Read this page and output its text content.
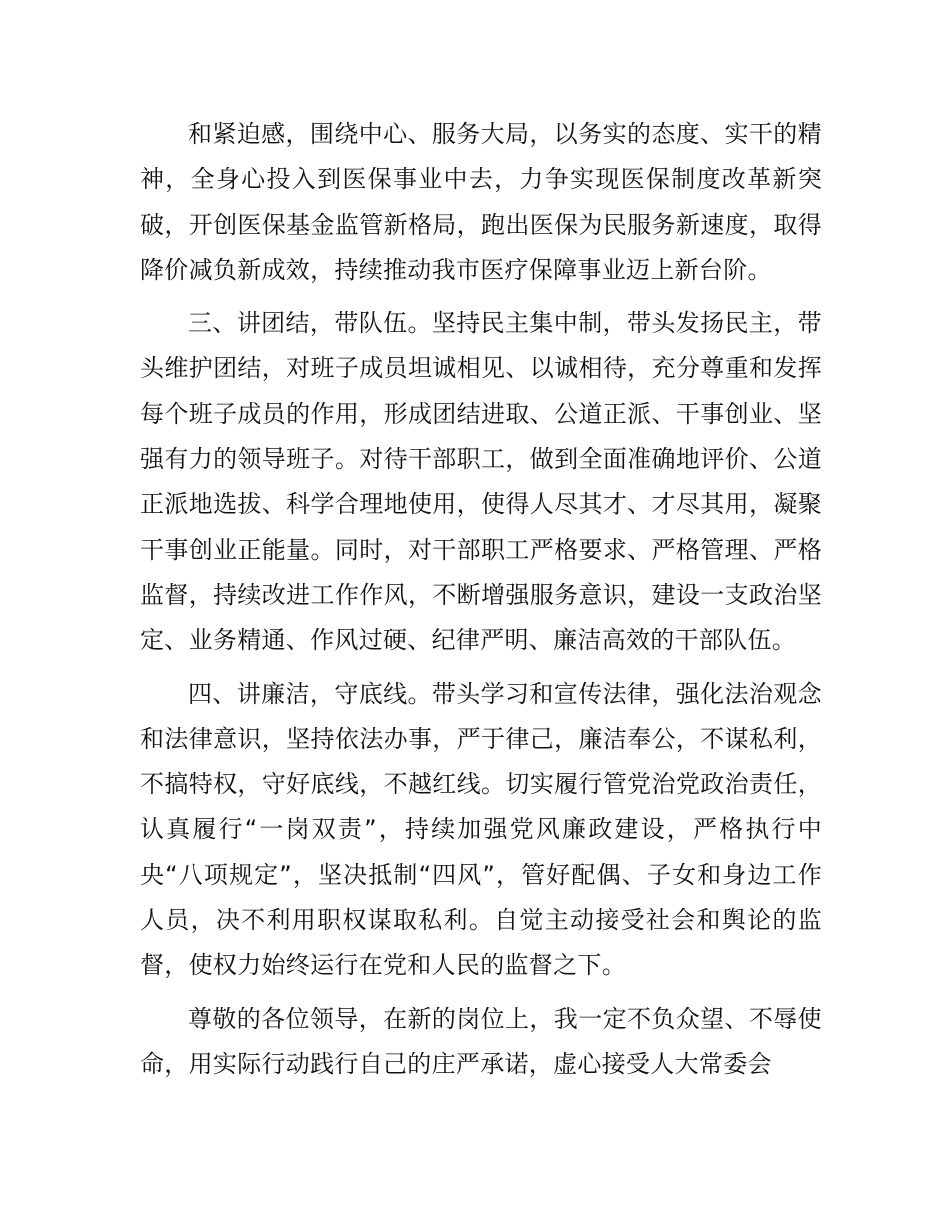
和紧迫感，围绕中心、服务大局，以务实的态度、实干的精神，全身心投入到医保事业中去，力争实现医保制度改革新突破，开创医保基金监管新格局，跑出医保为民服务新速度，取得降价减负新成效，持续推动我市医疗保障事业迈上新台阶。

三、讲团结，带队伍。坚持民主集中制，带头发扬民主，带头维护团结，对班子成员坦诚相见、以诚相待，充分尊重和发挥每个班子成员的作用，形成团结进取、公道正派、干事创业、坚强有力的领导班子。对待干部职工，做到全面准确地评价、公道正派地选拔、科学合理地使用，使得人尽其才、才尽其用，凝聚干事创业正能量。同时，对干部职工严格要求、严格管理、严格监督，持续改进工作作风，不断增强服务意识，建设一支政治坚定、业务精通、作风过硬、纪律严明、廉洁高效的干部队伍。

四、讲廉洁，守底线。带头学习和宣传法律，强化法治观念和法律意识，坚持依法办事，严于律己，廉洁奉公，不谋私利，不搞特权，守好底线，不越红线。切实履行管党治党政治责任，认真履行“一岗双责”，持续加强党风廉政建设，严格执行中央“八项规定”，坚决抵制“四风”，管好配偶、子女和身边工作人员，决不利用职权谋取私利。自觉主动接受社会和舆论的监督，使权力始终运行在党和人民的监督之下。

尊敬的各位领导，在新的岗位上，我一定不负众望、不辱使命，用实际行动践行自己的庄严承诺，虚心接受人大常委会
